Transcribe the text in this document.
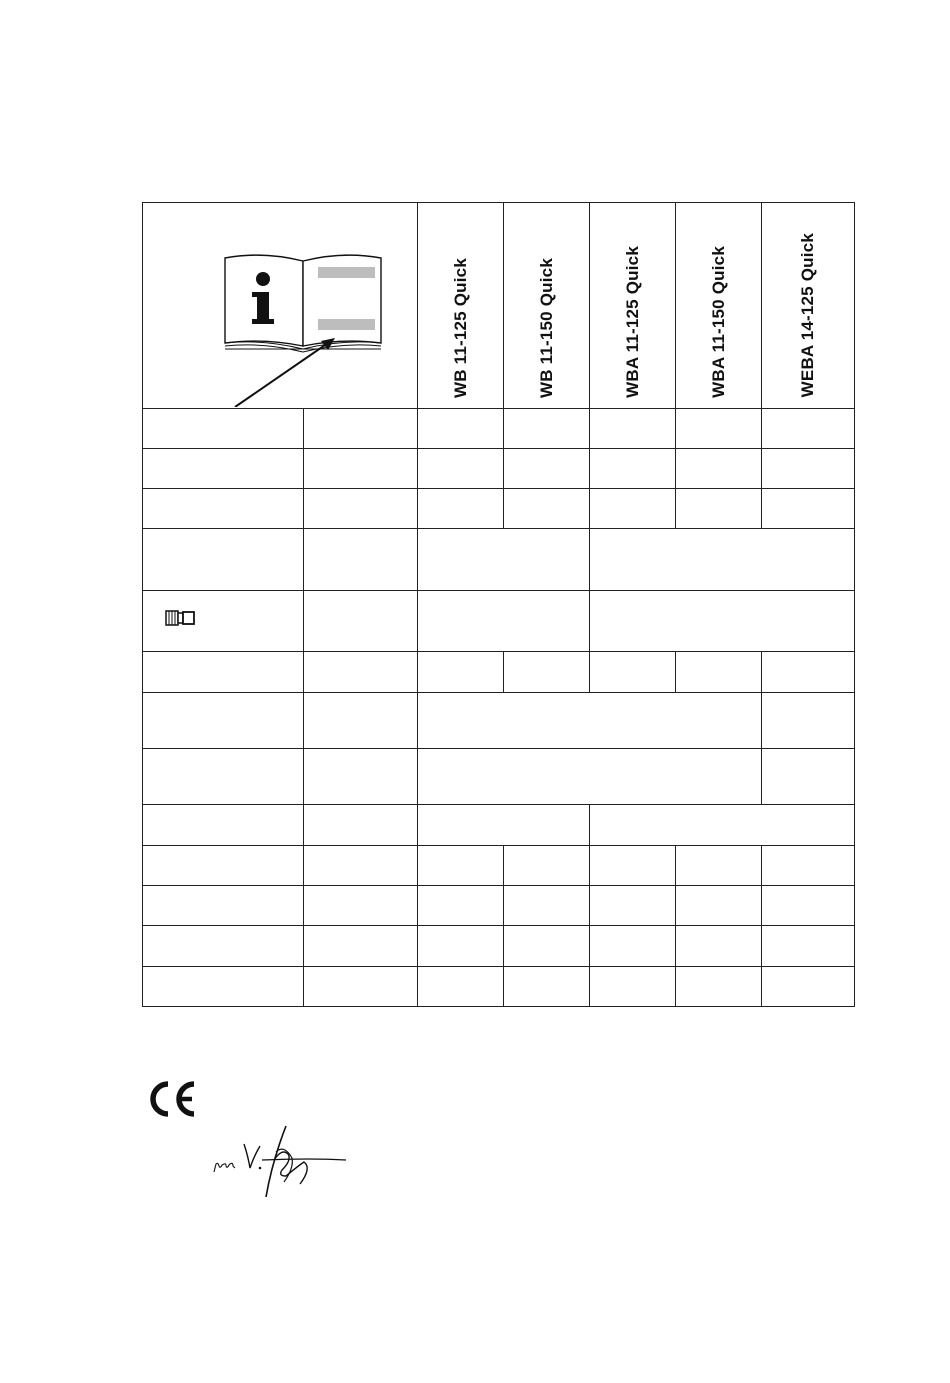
WB 11-125 Quick	WB 11-150 Quick	WBA 11-125 Quick	WBA 11-150 Quick	WEBA 14-125 Quick
